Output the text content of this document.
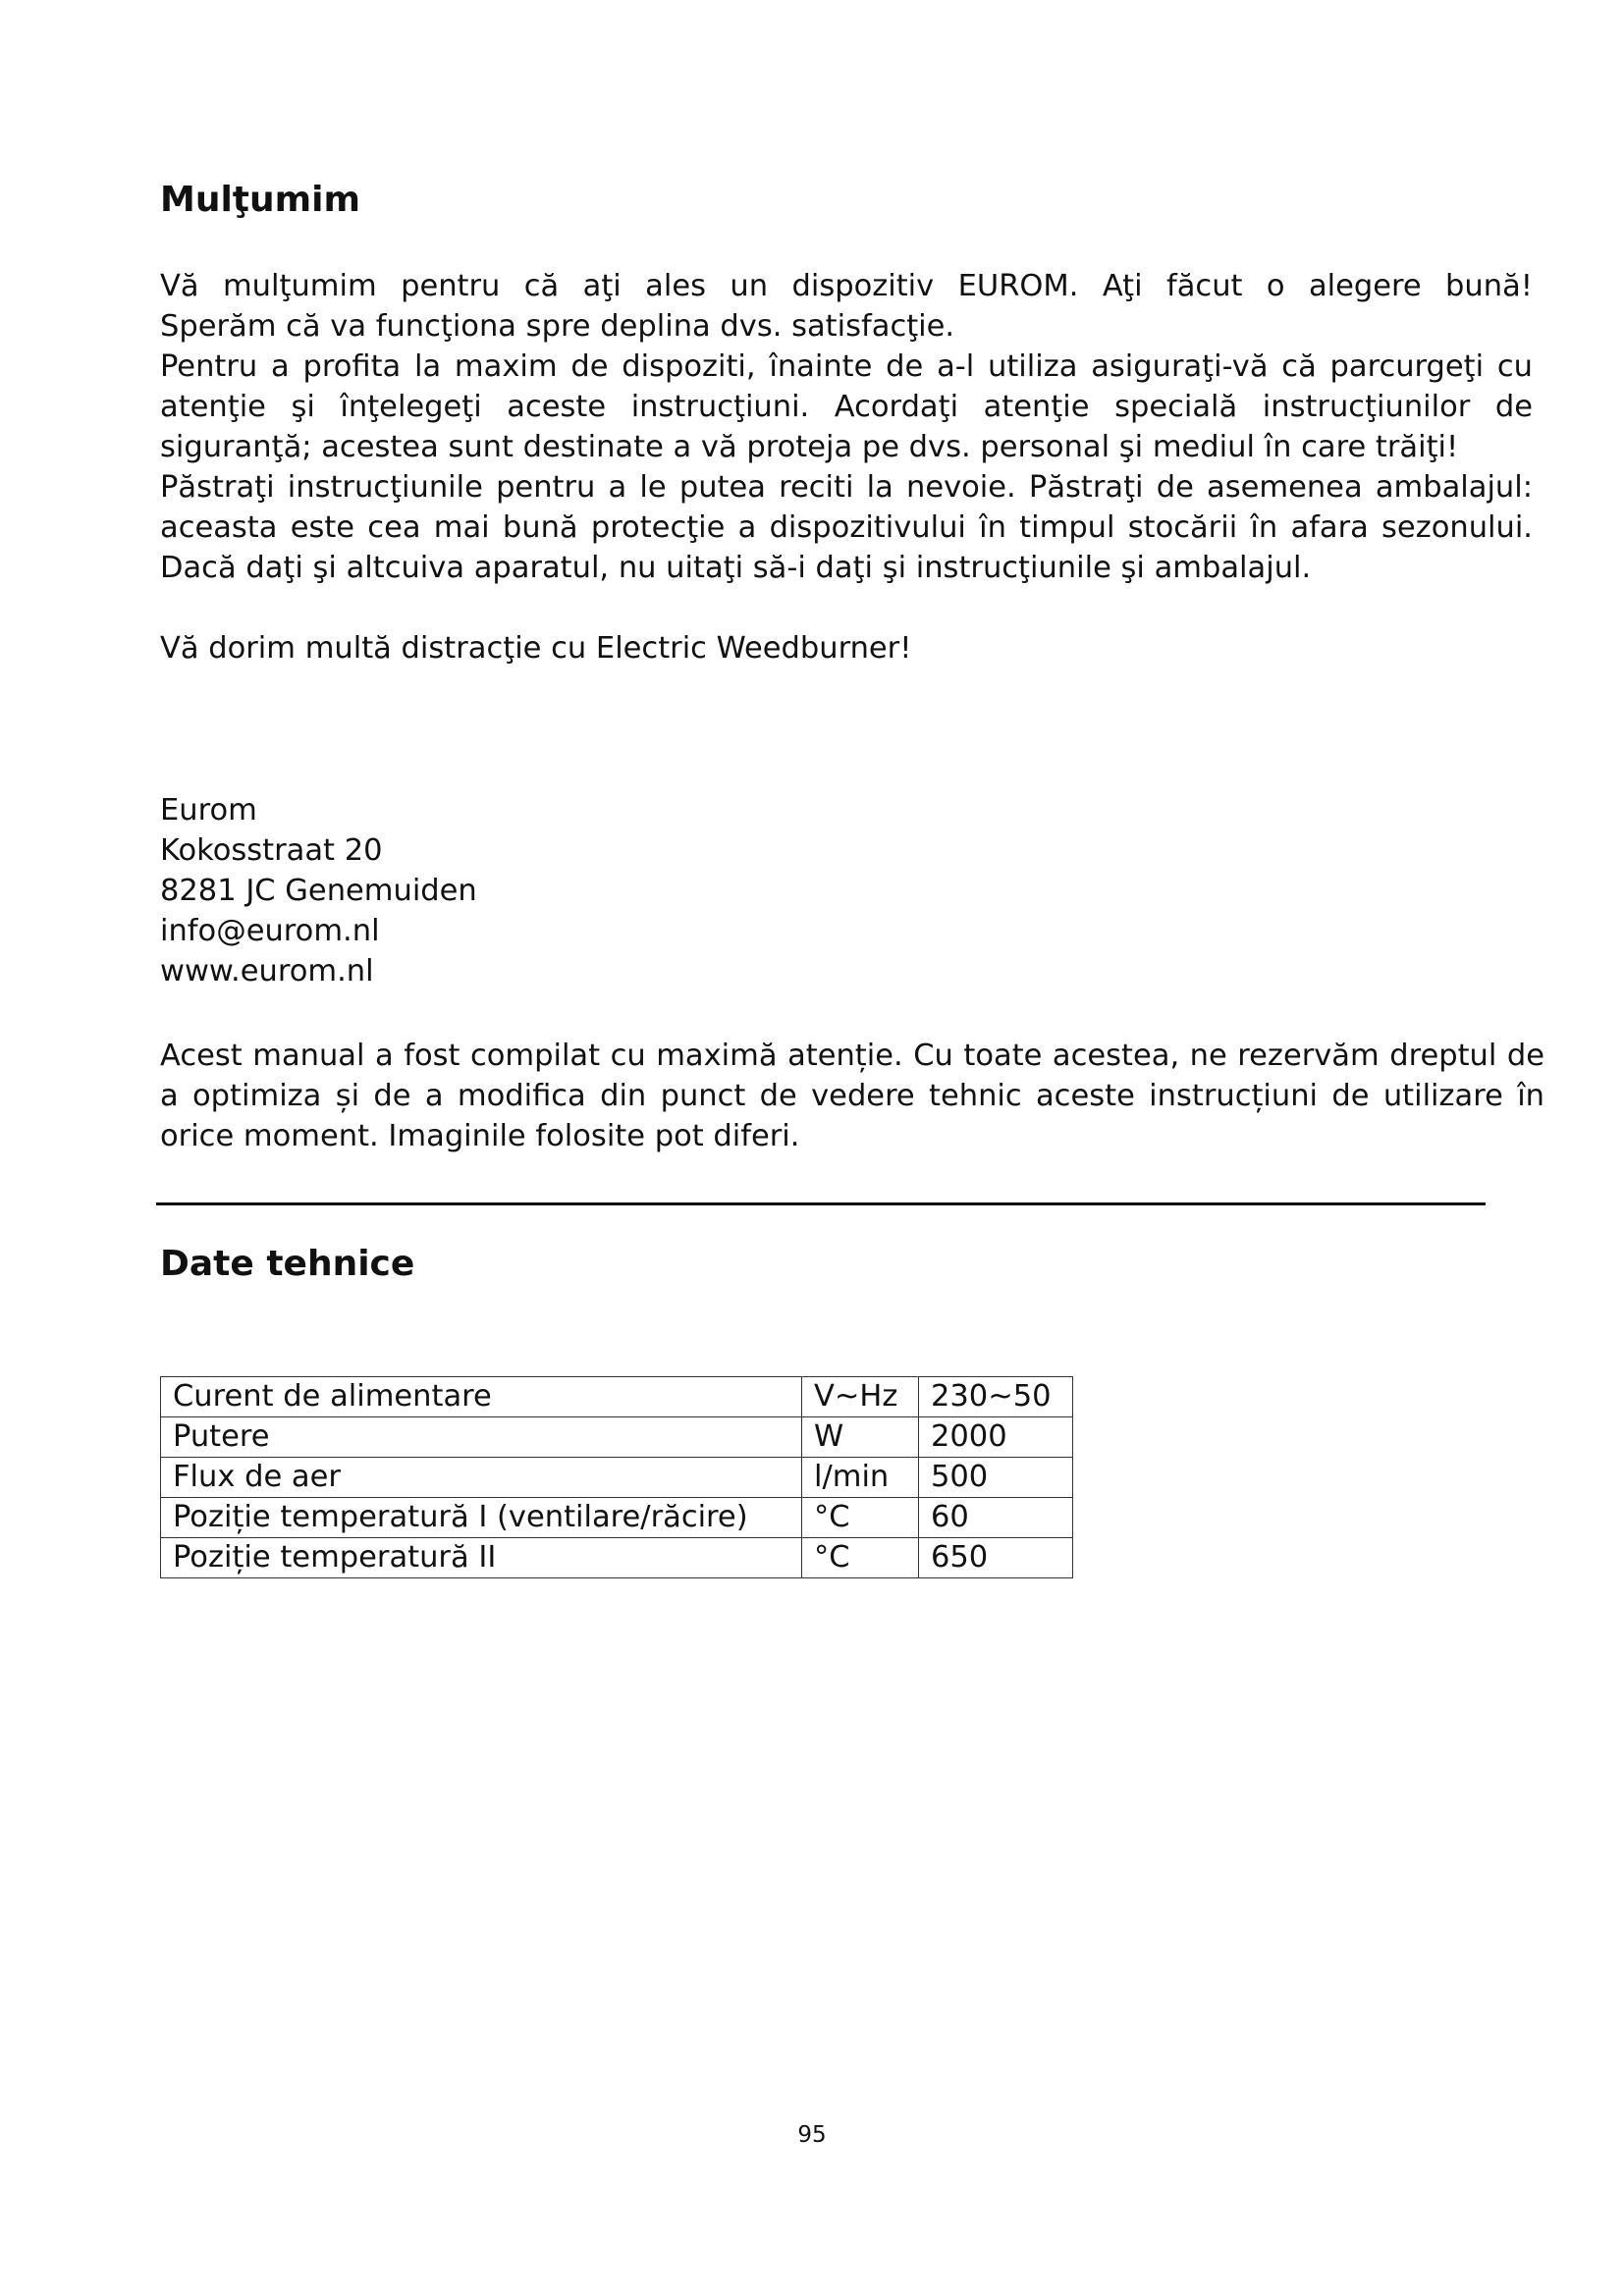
Mulţumim

Vă mulţumim pentru că aţi ales un dispozitiv EUROM. Aţi făcut o alegere bună!

Sperăm că va funcţiona spre deplina dvs. satisfacţie.

Pentru a profita la maxim de dispoziti, înainte de a-l utiliza asiguraţi-vă că parcurgeţi cu atenţie şi înţelegeţi aceste instrucţiuni. Acordaţi atenţie specială instrucţiunilor de siguranţă; acestea sunt destinate a vă proteja pe dvs. personal şi mediul în care trăiţi!

Păstraţi instrucţiunile pentru a le putea reciti la nevoie. Păstraţi de asemenea ambalajul: aceasta este cea mai bună protecţie a dispozitivului în timpul stocării în afara sezonului. Dacă daţi şi altcuiva aparatul, nu uitaţi să-i daţi şi instrucţiunile şi ambalajul.

Vă dorim multă distracţie cu Electric Weedburner!

Eurom

Kokosstraat 20

8281 JC Genemuiden

info@eurom.nl

www.eurom.nl

Acest manual a fost compilat cu maximă atenție. Cu toate acestea, ne rezervăm dreptul de a optimiza și de a modifica din punct de vedere tehnic aceste instrucțiuni de utilizare în orice moment. Imaginile folosite pot diferi.

Date tehnice
Curent de alimentare	V~Hz	230~50
Putere	W	2000
Flux de aer	l/min	500
Poziție temperatură I (ventilare/răcire)	°C	60
Poziție temperatură II	°C	650
95
